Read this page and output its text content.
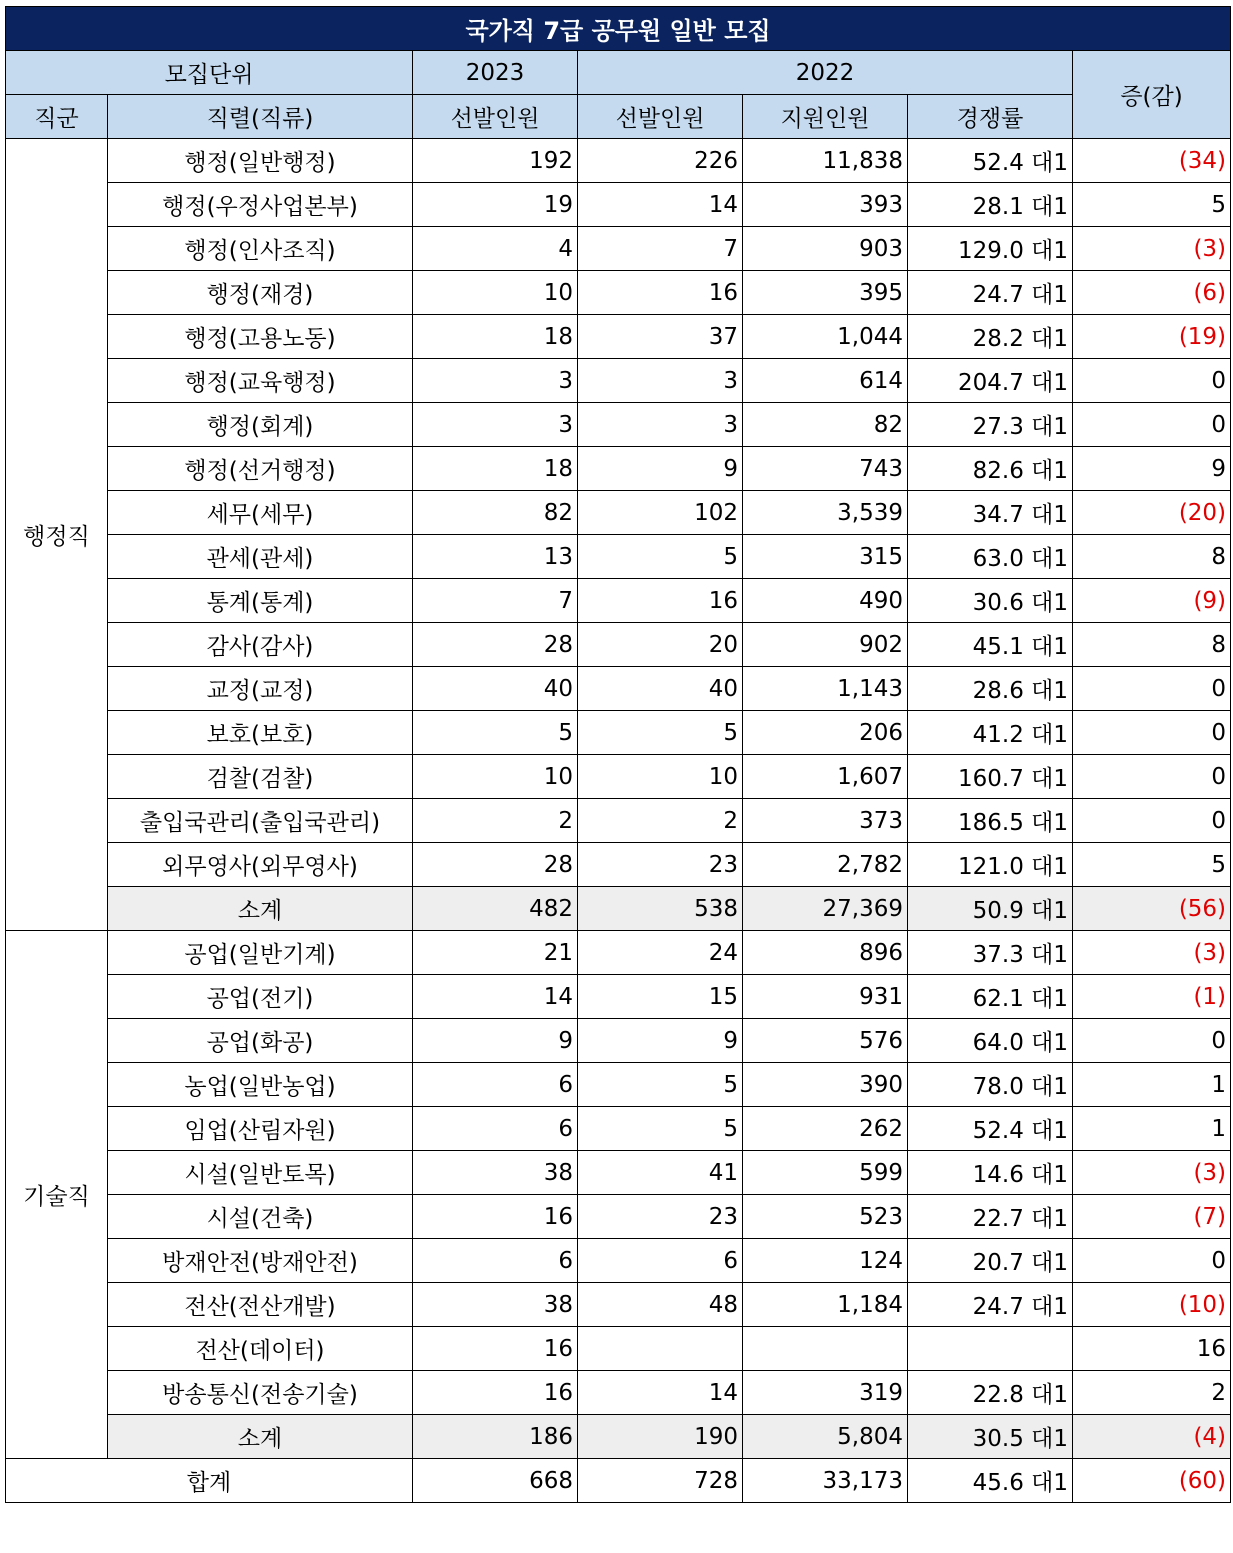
국가직 7급 공무원 일반 모집						
모집단위		2023	2022			증(감)
직군	직렬(직류)	선발인원	선발인원	지원인원	경쟁률	
행정직	행정(일반행정)	192	226	11,838	52.4 대1	(34)
	행정(우정사업본부)	19	14	393	28.1 대1	5
	행정(인사조직)	4	7	903	129.0 대1	(3)
	행정(재경)	10	16	395	24.7 대1	(6)
	행정(고용노동)	18	37	1,044	28.2 대1	(19)
	행정(교육행정)	3	3	614	204.7 대1	0
	행정(회계)	3	3	82	27.3 대1	0
	행정(선거행정)	18	9	743	82.6 대1	9
	세무(세무)	82	102	3,539	34.7 대1	(20)
	관세(관세)	13	5	315	63.0 대1	8
	통계(통계)	7	16	490	30.6 대1	(9)
	감사(감사)	28	20	902	45.1 대1	8
	교정(교정)	40	40	1,143	28.6 대1	0
	보호(보호)	5	5	206	41.2 대1	0
	검찰(검찰)	10	10	1,607	160.7 대1	0
	출입국관리(출입국관리)	2	2	373	186.5 대1	0
	외무영사(외무영사)	28	23	2,782	121.0 대1	5
	소계	482	538	27,369	50.9 대1	(56)
기술직	공업(일반기계)	21	24	896	37.3 대1	(3)
	공업(전기)	14	15	931	62.1 대1	(1)
	공업(화공)	9	9	576	64.0 대1	0
	농업(일반농업)	6	5	390	78.0 대1	1
	임업(산림자원)	6	5	262	52.4 대1	1
	시설(일반토목)	38	41	599	14.6 대1	(3)
	시설(건축)	16	23	523	22.7 대1	(7)
	방재안전(방재안전)	6	6	124	20.7 대1	0
	전산(전산개발)	38	48	1,184	24.7 대1	(10)
	전산(데이터)	16				16
	방송통신(전송기술)	16	14	319	22.8 대1	2
	소계	186	190	5,804	30.5 대1	(4)
합계		668	728	33,173	45.6 대1	(60)
